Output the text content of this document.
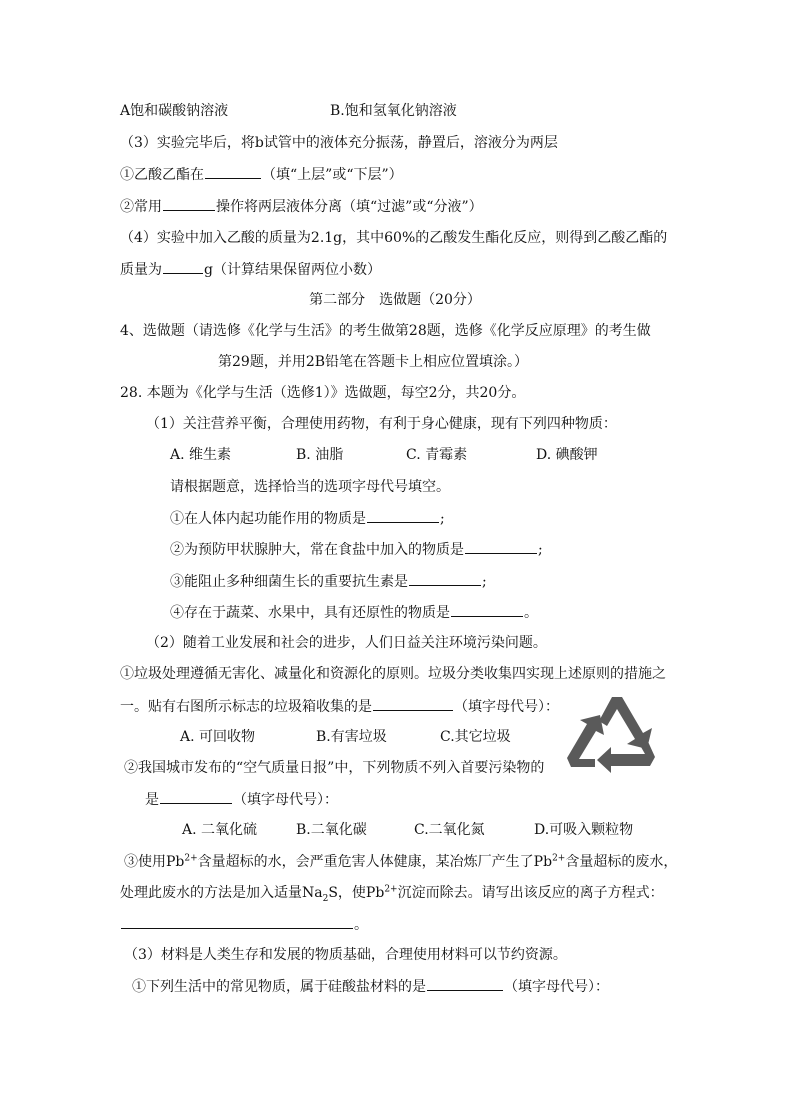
A饱和碳酸钠溶液	B.饱和氢氧化钠溶液
（3）实验完毕后，将b试管中的液体充分振荡，静置后，溶液分为两层
①乙酸乙酯在	（填“上层”或“下层”）
②常用	操作将两层液体分离（填“过滤”或“分液”）
（4）实验中加入乙酸的质量为2.1g，其中60%的乙酸发生酯化反应，则得到乙酸乙酯的
质量为	g（计算结果保留两位小数）
第二部分　选做题（20分）
4、选做题（请选修《化学与生活》的考生做第28题，选修《化学反应原理》的考生做
第29题，并用2B铅笔在答题卡上相应位置填涂。）
28. 本题为《化学与生活（选修1）》选做题，每空2分，共20分。
（1）关注营养平衡，合理使用药物，有利于身心健康，现有下列四种物质：
A. 维生素	B. 油脂	C. 青霉素	D. 碘酸钾
请根据题意，选择恰当的选项字母代号填空。
①在人体内起功能作用的物质是	;
②为预防甲状腺肿大，常在食盐中加入的物质是	;
③能阻止多种细菌生长的重要抗生素是	;
④存在于蔬菜、水果中，具有还原性的物质是	。
（2）随着工业发展和社会的进步，人们日益关注环境污染问题。
①垃圾处理遵循无害化、减量化和资源化的原则。垃圾分类收集四实现上述原则的措施之
一。贴有右图所示标志的垃圾箱收集的是	（填字母代号）：
A. 可回收物	B.有害垃圾	C.其它垃圾
②我国城市发布的“空气质量日报”中，下列物质不列入首要污染物的
是	（填字母代号）：
A. 二氧化硫	B.二氧化碳	C.二氧化氮	D.可吸入颗粒物
③使用$Pb^{2+}$含量超标的水，会严重危害人体健康，某冶炼厂产生了$Pb^{2+}$含量超标的废水，
处理此废水的方法是加入适量$Na_2S$，使$Pb^{2+}$沉淀而除去。请写出该反应的离子方程式：
。
（3）材料是人类生存和发展的物质基础，合理使用材料可以节约资源。
①下列生活中的常见物质，属于硅酸盐材料的是	（填字母代号）：
